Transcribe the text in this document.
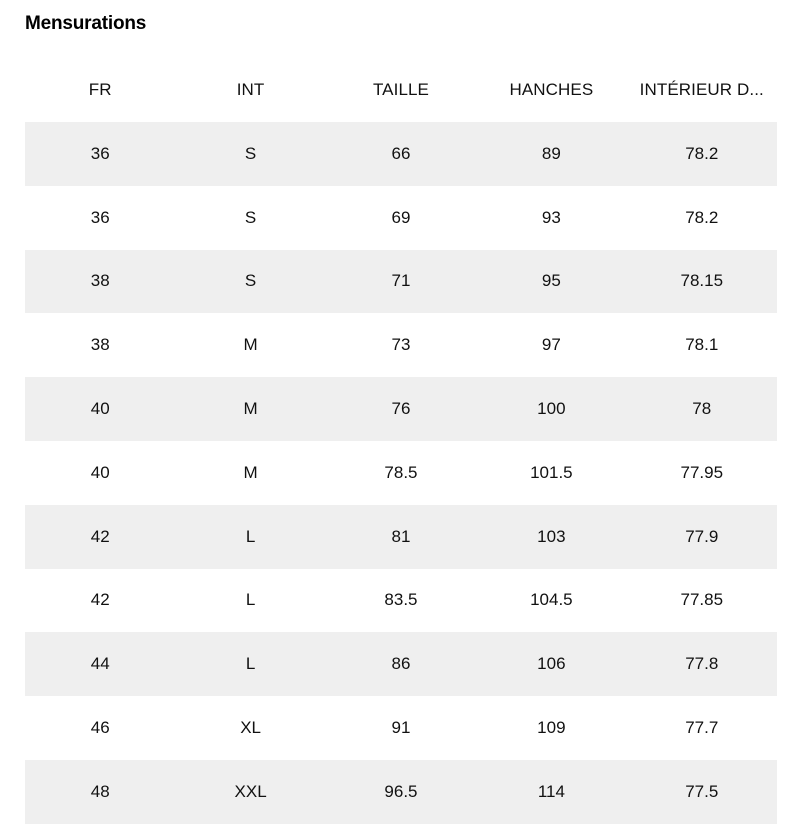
Mensurations
FR	INT	TAILLE	HANCHES	INTÉRIEUR D...
36	S	66	89	78.2
36	S	69	93	78.2
38	S	71	95	78.15
38	M	73	97	78.1
40	M	76	100	78
40	M	78.5	101.5	77.95
42	L	81	103	77.9
42	L	83.5	104.5	77.85
44	L	86	106	77.8
46	XL	91	109	77.7
48	XXL	96.5	114	77.5
